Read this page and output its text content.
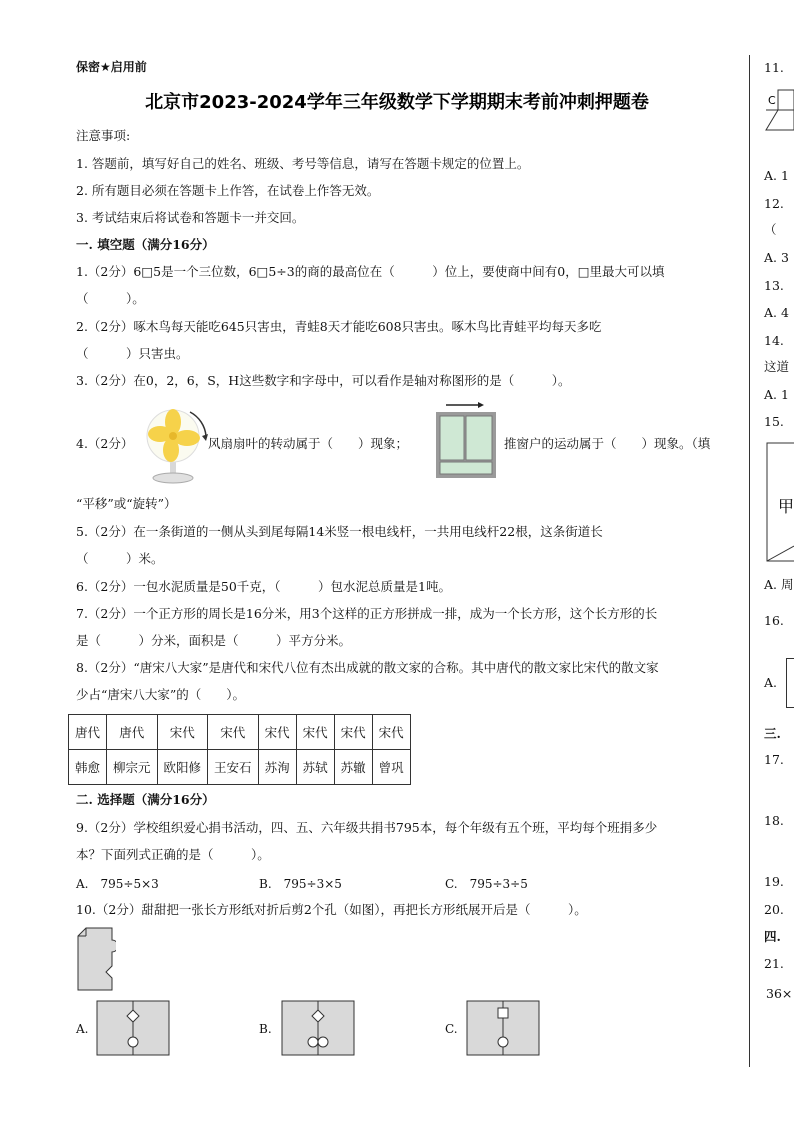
保密★启用前
北京市2023-2024学年三年级数学下学期期末考前冲刺押题卷
注意事项:
1. 答题前，填写好自己的姓名、班级、考号等信息，请写在答题卡规定的位置上。
2. 所有题目必须在答题卡上作答，在试卷上作答无效。
3. 考试结束后将试卷和答题卡一并交回。
一. 填空题（满分16分）
1.（2分）6□5是一个三位数，6□5÷3的商的最高位在（　　　）位上，要使商中间有0，□里最大可以填
（　　　）。
2.（2分）啄木鸟每天能吃645只害虫，青蛙8天才能吃608只害虫。啄木鸟比青蛙平均每天多吃
（　　　）只害虫。
3.（2分）在0，2，6，S，H这些数字和字母中，可以看作是轴对称图形的是（　　　）。
4.（2分）	风扇扇叶的转动属于（　　）现象；	推窗户的运动属于（　　）现象。（填
“平移”或“旋转”）
5.（2分）在一条街道的一侧从头到尾每隔14米竖一根电线杆，一共用电线杆22根，这条街道长
（　　　）米。
6.（2分）一包水泥质量是50千克，（　　　）包水泥总质量是1吨。
7.（2分）一个正方形的周长是16分米，用3个这样的正方形拼成一排，成为一个长方形，这个长方形的长
是（　　　）分米，面积是（　　　）平方分米。
8.（2分）“唐宋八大家”是唐代和宋代八位有杰出成就的散文家的合称。其中唐代的散文家比宋代的散文家
少占“唐宋八大家”的（　　）。
唐代	唐代	宋代	宋代	宋代	宋代	宋代	宋代
韩愈	柳宗元	欧阳修	王安石	苏洵	苏轼	苏辙	曾巩
二. 选择题（满分16分）
9.（2分）学校组织爱心捐书活动，四、五、六年级共捐书795本，每个年级有五个班，平均每个班捐多少
本？下面列式正确的是（　　　）。
A.　795÷5×3	B.　795÷3×5	C.　795÷3÷5
10.（2分）甜甜把一张长方形纸对折后剪2个孔（如图），再把长方形纸展开后是（　　　）。
A.	B.	C.
11.
C
A. 1
12.
（
A. 3
13.
A. 4
14.
这道
A. 1
15.
甲
A. 周
16.
A.
三.
17.
18.
19.
20.
四.
21.
36×
